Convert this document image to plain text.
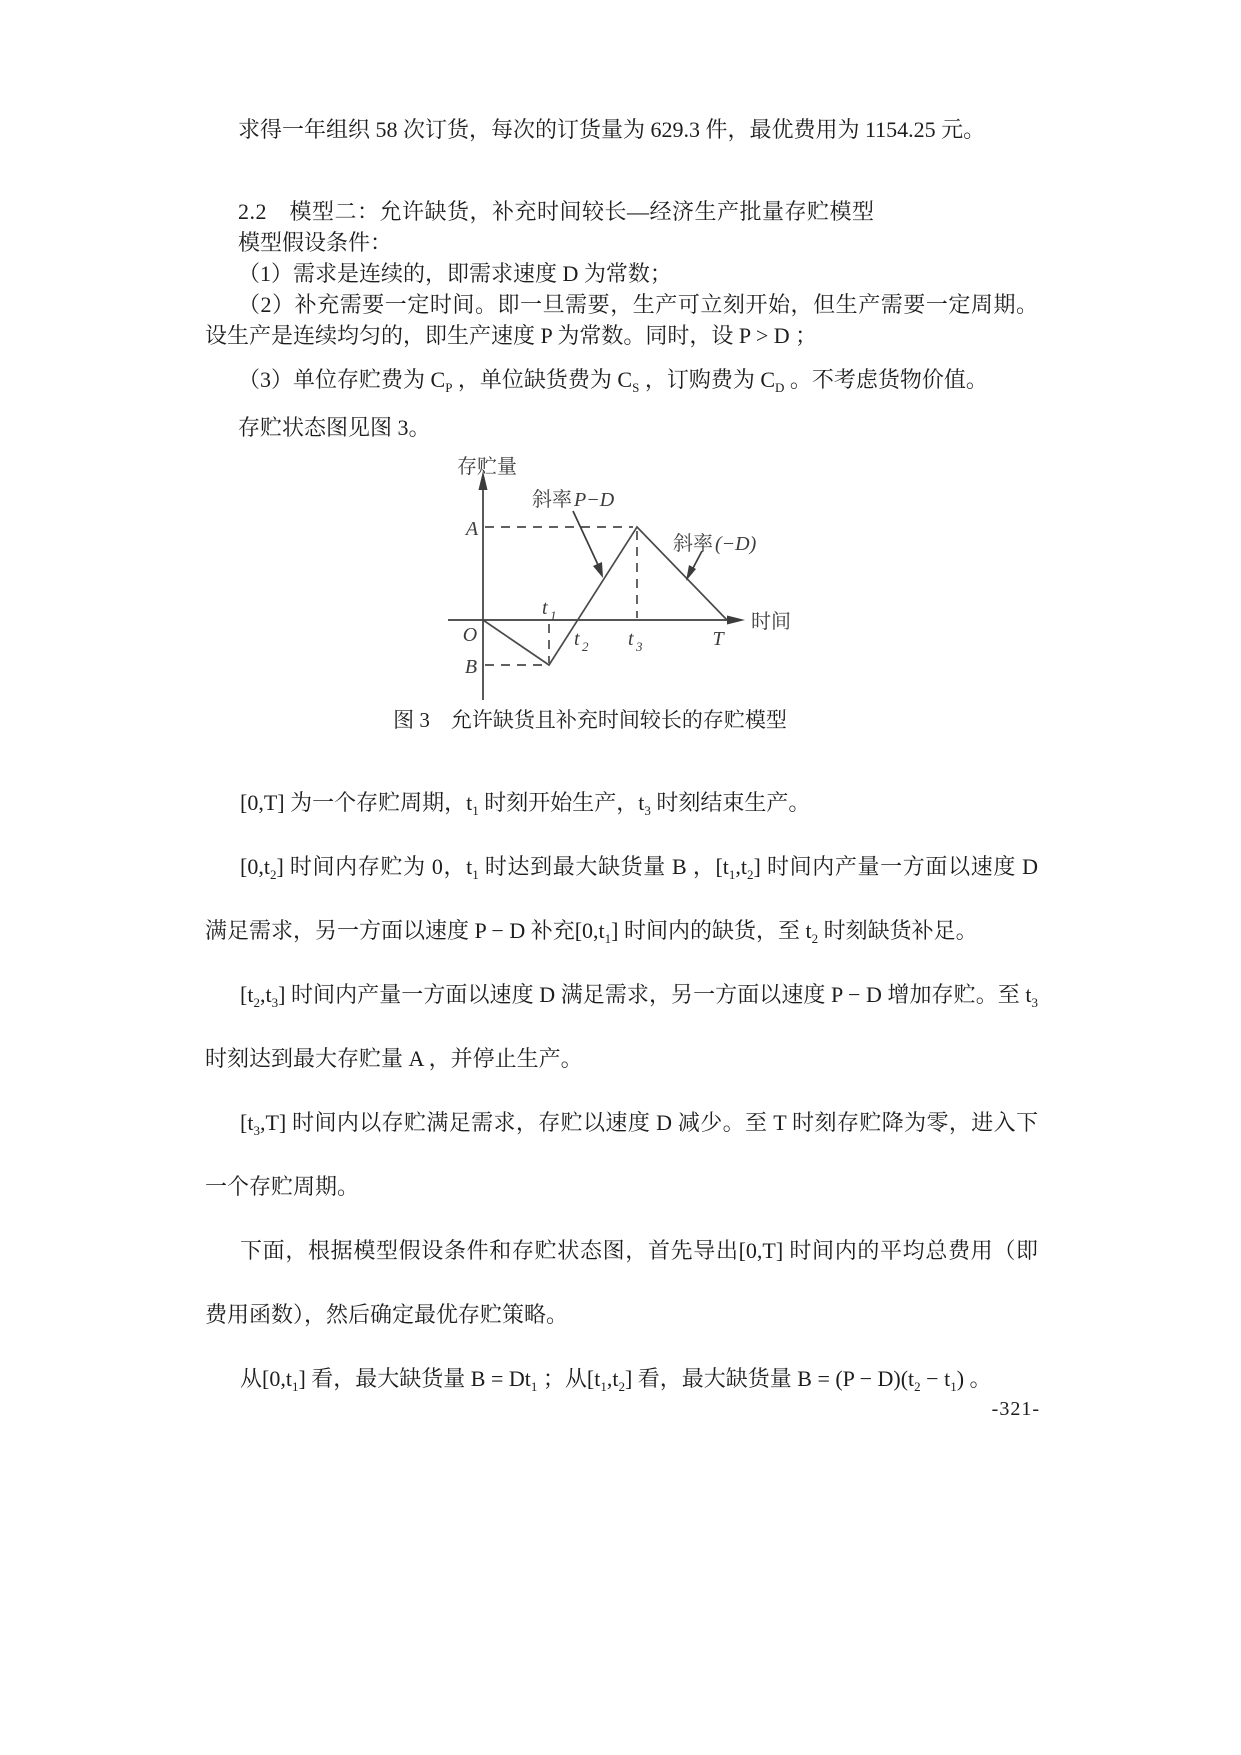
求得一年组织 58 次订货，每次的订货量为 629.3 件，最优费用为 1154.25 元。

2.2　模型二：允许缺货，补充时间较长—经济生产批量存贮模型

模型假设条件：

（1）需求是连续的，即需求速度 D 为常数；

（2）补充需要一定时间。即一旦需要，生产可立刻开始，但生产需要一定周期。设生产是连续均匀的，即生产速度 P 为常数。同时，设 P > D ；

（3）单位存贮费为 $C_P$ ，单位缺货费为 $C_S$ ，订购费为 $C_D$ 。不考虑货物价值。

存贮状态图见图 3。

存贮量
时间
A
O
B
T
t 1
t 2 t 3
斜率 P−D
斜率 (−D)

图 3　允许缺货且补充时间较长的存贮模型

[0,T] 为一个存贮周期，$t_1$ 时刻开始生产，$t_3$ 时刻结束生产。

$[0,t_2]$ 时间内存贮为 0，$t_1$ 时达到最大缺货量 B ，$[t_1,t_2]$ 时间内产量一方面以速度 D 满足需求，另一方面以速度 P − D 补充$[0,t_1]$ 时间内的缺货，至 $t_2$ 时刻缺货补足。

$[t_2,t_3]$ 时间内产量一方面以速度 D 满足需求，另一方面以速度 P − D 增加存贮。至 $t_3$ 时刻达到最大存贮量 A ，并停止生产。

$[t_3,T]$ 时间内以存贮满足需求，存贮以速度 D 减少。至 T 时刻存贮降为零，进入下一个存贮周期。

下面，根据模型假设条件和存贮状态图，首先导出[0,T] 时间内的平均总费用（即费用函数），然后确定最优存贮策略。

从$[0,t_1]$ 看，最大缺货量 $B = Dt_1$ ；从$[t_1,t_2]$ 看，最大缺货量 $B = (P - D)(t_2 - t_1)$ 。

-321-
